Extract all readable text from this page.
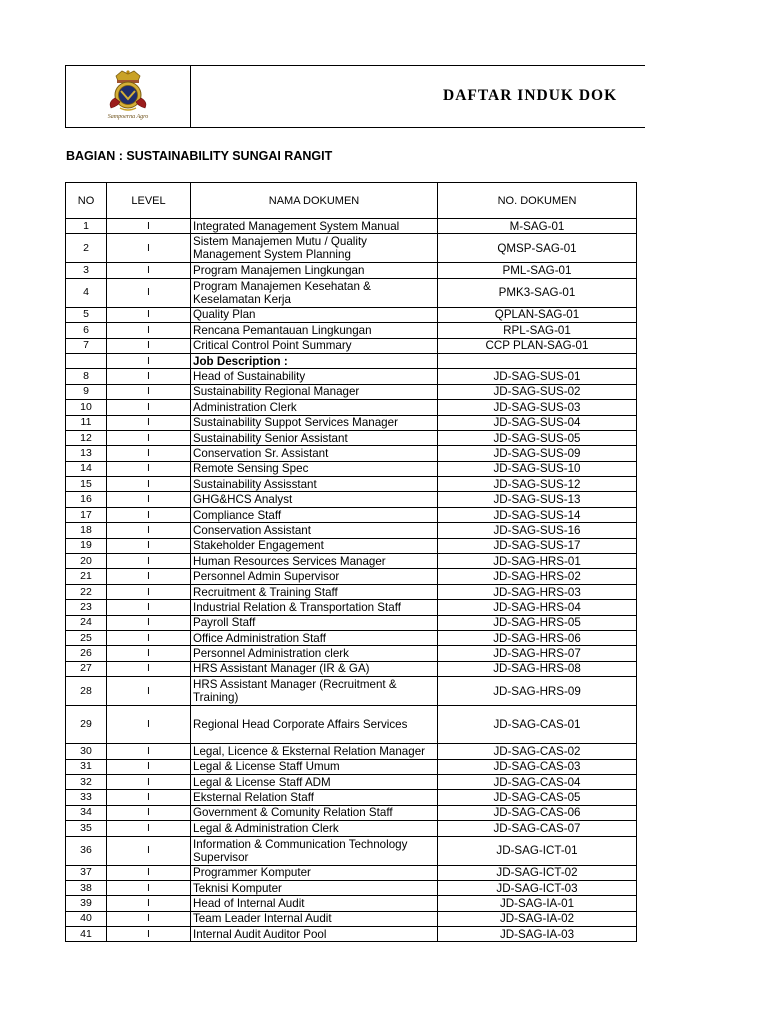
Sampoerna Agro
DAFTAR INDUK DOK
BAGIAN : SUSTAINABILITY SUNGAI RANGIT
NO	LEVEL	NAMA DOKUMEN	NO. DOKUMEN
1	I	Integrated Management System Manual	M-SAG-01
2	I	Sistem Manajemen Mutu / Quality Management System Planning	QMSP-SAG-01
3	I	Program Manajemen Lingkungan	PML-SAG-01
4	I	Program Manajemen Kesehatan & Keselamatan Kerja	PMK3-SAG-01
5	I	Quality Plan	QPLAN-SAG-01
6	I	Rencana Pemantauan Lingkungan	RPL-SAG-01
7	I	Critical Control Point Summary	CCP PLAN-SAG-01
	I	Job Description :	
8	I	Head of Sustainability	JD-SAG-SUS-01
9	I	Sustainability Regional Manager	JD-SAG-SUS-02
10	I	Administration Clerk	JD-SAG-SUS-03
11	I	Sustainability Suppot Services Manager	JD-SAG-SUS-04
12	I	Sustainability Senior Assistant	JD-SAG-SUS-05
13	I	Conservation Sr. Assistant	JD-SAG-SUS-09
14	I	Remote Sensing Spec	JD-SAG-SUS-10
15	I	Sustainability Assisstant	JD-SAG-SUS-12
16	I	GHG&HCS Analyst	JD-SAG-SUS-13
17	I	Compliance Staff	JD-SAG-SUS-14
18	I	Conservation Assistant	JD-SAG-SUS-16
19	I	Stakeholder Engagement	JD-SAG-SUS-17
20	I	Human Resources Services Manager	JD-SAG-HRS-01
21	I	Personnel Admin Supervisor	JD-SAG-HRS-02
22	I	Recruitment & Training Staff	JD-SAG-HRS-03
23	I	Industrial Relation & Transportation Staff	JD-SAG-HRS-04
24	I	Payroll Staff	JD-SAG-HRS-05
25	I	Office Administration Staff	JD-SAG-HRS-06
26	I	Personnel Administration clerk	JD-SAG-HRS-07
27	I	HRS Assistant Manager (IR & GA)	JD-SAG-HRS-08
28	I	HRS Assistant Manager (Recruitment & Training)	JD-SAG-HRS-09
29	I	Regional Head Corporate Affairs Services	JD-SAG-CAS-01
30	I	Legal, Licence & Eksternal Relation Manager	JD-SAG-CAS-02
31	I	Legal & License Staff Umum	JD-SAG-CAS-03
32	I	Legal & License Staff ADM	JD-SAG-CAS-04
33	I	Eksternal Relation Staff	JD-SAG-CAS-05
34	I	Government & Comunity Relation Staff	JD-SAG-CAS-06
35	I	Legal & Administration Clerk	JD-SAG-CAS-07
36	I	Information & Communication Technology Supervisor	JD-SAG-ICT-01
37	I	Programmer Komputer	JD-SAG-ICT-02
38	I	Teknisi Komputer	JD-SAG-ICT-03
39	I	Head of Internal Audit	JD-SAG-IA-01
40	I	Team Leader Internal Audit	JD-SAG-IA-02
41	I	Internal Audit Auditor Pool	JD-SAG-IA-03
